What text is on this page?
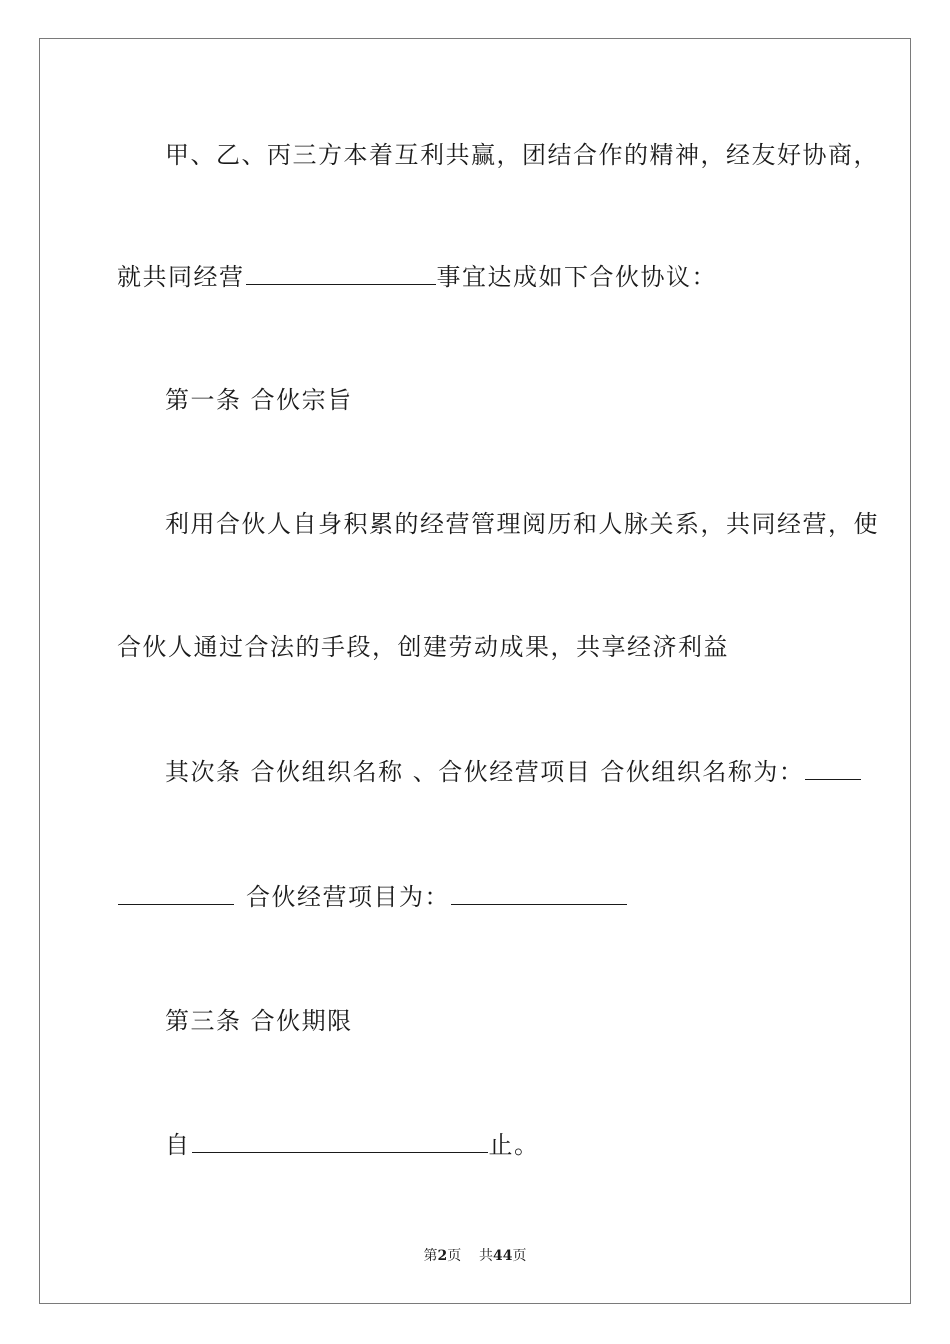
甲、乙、丙三方本着互利共赢，团结合作的精神，经友好协商，
就共同经营	事宜达成如下合伙协议：
第一条 合伙宗旨
利用合伙人自身积累的经营管理阅历和人脉关系，共同经营，使
合伙人通过合法的手段，创建劳动成果，共享经济利益
其次条 合伙组织名称 、合伙经营项目 合伙组织名称为：
合伙经营项目为：
第三条 合伙期限
自	止。
第2页 共44页
